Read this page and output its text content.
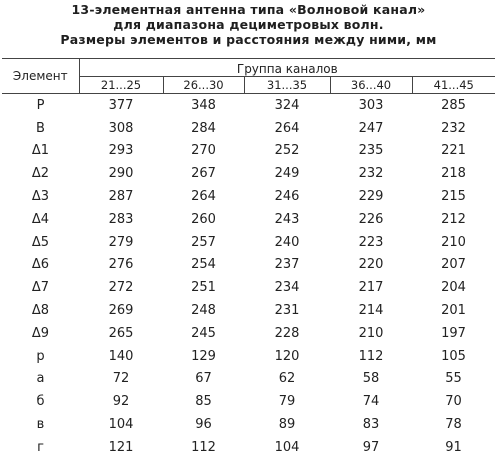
13-элементная антенна типа «Волновой канал»
для диапазона дециметровых волн.
Размеры элементов и расстояния между ними, мм
Элемент	Группа каналов				
	21...25	26...30	31...35	36...40	41...45
Р	377	348	324	303	285
В	308	284	264	247	232
Δ1	293	270	252	235	221
Δ2	290	267	249	232	218
Δ3	287	264	246	229	215
Δ4	283	260	243	226	212
Δ5	279	257	240	223	210
Δ6	276	254	237	220	207
Δ7	272	251	234	217	204
Δ8	269	248	231	214	201
Δ9	265	245	228	210	197
р	140	129	120	112	105
а	72	67	62	58	55
б	92	85	79	74	70
в	104	96	89	83	78
г	121	112	104	97	91
